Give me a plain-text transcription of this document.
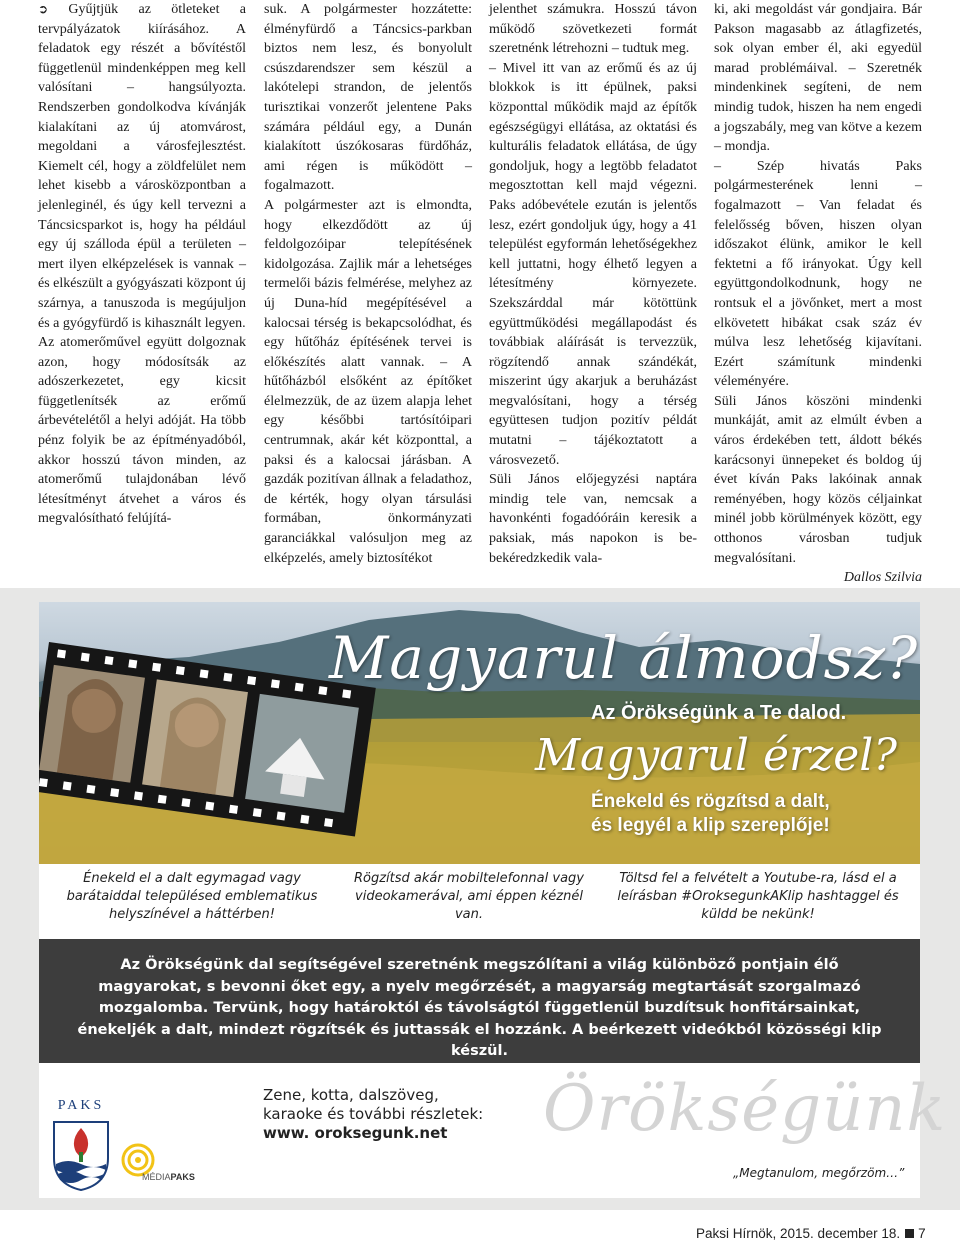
➲ Gyűjtjük az ötleteket a tervpályázatok kiírásához. A feladatok egy részét a bővítéstől függetlenül mindenképpen meg kell valósítani – hangsúlyozta. Rendszerben gondolkodva kívánják kialakítani az új atomvárost, megoldani a városfejlesztést. Kiemelt cél, hogy a zöldfelület nem lehet kisebb a városközpontban a jelenleginél, és úgy kell tervezni a Táncsicsparkot is, hogy ha például egy új szálloda épül a területen – mert ilyen elképzelések is vannak – és elkészült a gyógyászati központ új szárnya, a tanuszoda is megújuljon és a gyógyfürdő is kihasznált legyen.

Az atomerőművel együtt dolgoznak azon, hogy módosítsák az adószerkezetet, egy kicsit függetlenítsék az erőmű árbevételétől a helyi adóját. Ha több pénz folyik be az építményadóból, akkor hosszú távon minden, az atomerőmű tulajdonában lévő létesítményt átvehet a város és megvalósítható felújítá-

suk. A polgármester hozzátette: élményfürdő a Táncsics-parkban biztos nem lesz, és bonyolult csúszdarendszer sem készül a lakótelepi strandon, de jelentős turisztikai vonzerőt jelentene Paks számára például egy, a Dunán kialakított úszókosaras fürdőház, ami régen is működött – fogalmazott.

A polgármester azt is elmondta, hogy elkezdődött az új feldolgozóipar telepítésének kidolgozása. Zajlik már a lehetséges termelői bázis felmérése, melyhez az új Duna-híd megépítésével a kalocsai térség is bekapcsolódhat, és egy hűtőház építésének tervei is előkészítés alatt vannak. – A hűtőházból elsőként az építőket élelmezzük, de az üzem alapja lehet egy későbbi tartósítóipari centrumnak, akár két központtal, a paksi és a kalocsai járásban. A gazdák pozitívan állnak a feladathoz, de kérték, hogy olyan társulási formában, önkormányzati garanciákkal valósuljon meg az elképzelés, amely biztosítékot

jelenthet számukra. Hosszú távon működő szövetkezeti formát szeretnénk létrehozni – tudtuk meg.

– Mivel itt van az erőmű és az új blokkok is itt épülnek, paksi központtal működik majd az építők egészségügyi ellátása, az oktatási és kulturális feladatok ellátása, de úgy gondoljuk, hogy a legtöbb feladatot megosztottan kell majd végezni. Paks adóbevétele ezután is jelentős lesz, ezért gondoljuk úgy, hogy a 41 települést egyformán lehetőségekhez kell juttatni, hogy élhető legyen a létesítmény környezete. Szekszárddal már kötöttünk együttműködési megállapodást és továbbiak aláírását is tervezzük, rögzítendő annak szándékát, miszerint úgy akarjuk a beruházást megvalósítani, hogy a térség együttesen tudjon pozitív példát mutatni – tájékoztatott a városvezető.

Süli János előjegyzési naptára mindig tele van, nemcsak a havonkénti fogadóóráin keresik a paksiak, más napokon is be-bekéredzkedik vala-

ki, aki megoldást vár gondjaira. Bár Pakson magasabb az átlagfizetés, sok olyan ember él, aki egyedül marad problémáival. – Szeretnék mindenkinek segíteni, de nem mindig tudok, hiszen ha nem engedi a jogszabály, meg van kötve a kezem – mondja.

– Szép hivatás Paks polgármesterének lenni – fogalmazott – Van feladat és felelősség bőven, hiszen olyan időszakot élünk, amikor le kell fektetni a fő irányokat. Úgy kell együttgondolkodnunk, hogy ne rontsuk el a jövőnket, mert a most elkövetett hibákat csak száz év múlva lesz lehetőség kijavítani. Ezért számítunk mindenki véleményére.

Süli János köszöni mindenki munkáját, amit az elmúlt évben a város érdekében tett, áldott békés karácsonyi ünnepeket és boldog új évet kíván Paks lakóinak annak reményében, hogy közös céljainkat minél jobb körülmények között, egy otthonos városban tudjuk megvalósítani.

Dallos Szilvia

Magyarul álmodsz?
Az Örökségünk a Te dalod.
Magyarul érzel?
Énekeld és rögzítsd a dalt,
és legyél a klip szereplője!
Énekeld el a dalt egymagad vagy barátaiddal településed emblematikus helyszínével a háttérben!
Rögzítsd akár mobiltelefonnal vagy videokamerával, ami éppen kéznél van.
Töltsd fel a felvételt a Youtube-ra, lásd el a leírásban #OroksegunkAKlip hashtaggel és küldd be nekünk!
Az Örökségünk dal segítségével szeretnénk megszólítani a világ különböző pontjain élő magyarokat, s bevonni őket egy, a nyelv megőrzését, a magyarság megtartását szorgalmazó mozgalomba. Tervünk, hogy határoktól és távolságtól függetlenül buzdítsuk honfitársainkat, énekeljék a dalt, mindezt rögzítsék és juttassák el hozzánk. A beérkezett videókból közösségi klip készül.
PAKS
MÉDIAPAKS
Zene, kotta, dalszöveg,
karaoke és további részletek:
www. oroksegunk.net	Örökségünk
„Megtanulom, megőrzöm…”
Paksi Hírnök, 2015. december 18. 7
